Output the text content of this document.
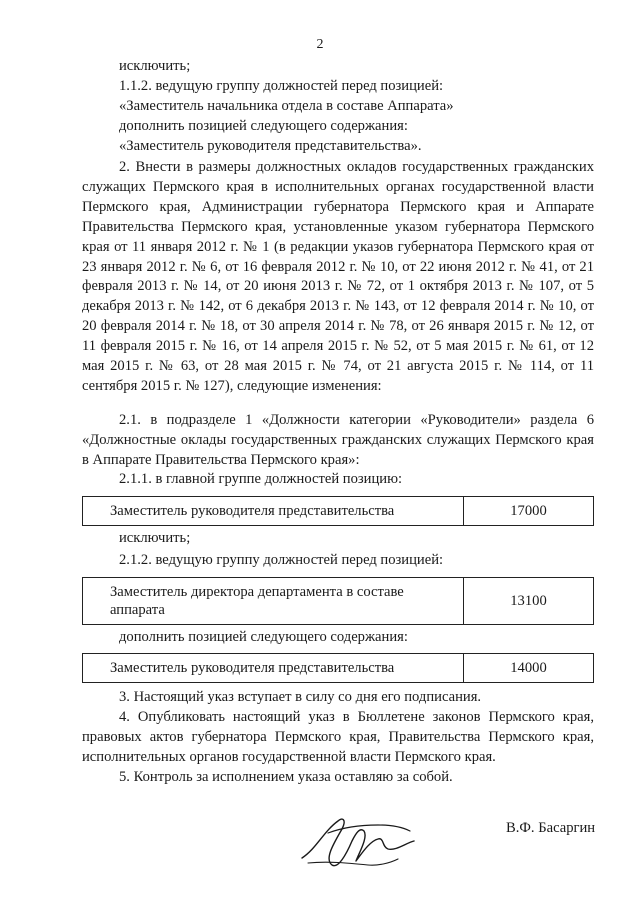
2

исключить;

1.1.2. ведущую группу должностей перед позицией:

«Заместитель начальника отдела в составе Аппарата»

дополнить позицией следующего содержания:

«Заместитель руководителя представительства».

2. Внести в размеры должностных окладов государственных гражданских служащих Пермского края в исполнительных органах государственной власти Пермского края, Администрации губернатора Пермского края и Аппарате Правительства Пермского края, установленные указом губернатора Пермского края от 11 января 2012 г. № 1 (в редакции указов губернатора Пермского края от 23 января 2012 г. № 6, от 16 февраля 2012 г. № 10, от 22 июня 2012 г. № 41, от 21 февраля 2013 г. № 14, от 20 июня 2013 г. № 72, от 1 октября 2013 г. № 107, от 5 декабря 2013 г. № 142, от 6 декабря 2013 г. № 143, от 12 февраля 2014 г. № 10, от 20 февраля 2014 г. № 18, от 30 апреля 2014 г. № 78, от 26 января 2015 г. № 12, от 11 февраля 2015 г. № 16, от 14 апреля 2015 г. № 52, от 5 мая 2015 г. № 61, от 12 мая 2015 г. № 63, от 28 мая 2015 г. № 74, от 21 августа 2015 г. № 114, от 11 сентября 2015 г. № 127), следующие изменения:
2.1. в подразделе 1 «Должности категории «Руководители» раздела 6 «Должностные оклады государственных гражданских служащих Пермского края в Аппарате Правительства Пермского края»:
2.1.1. в главной группе должностей позицию:
Заместитель руководителя представительства	17000
исключить;
2.1.2. ведущую группу должностей перед позицией:
Заместитель директора департамента в составе аппарата	13100
дополнить позицией следующего содержания:
Заместитель руководителя представительства	14000

3. Настоящий указ вступает в силу со дня его подписания.

4. Опубликовать настоящий указ в Бюллетене законов Пермского края, правовых актов губернатора Пермского края, Правительства Пермского края, исполнительных органов государственной власти Пермского края.

5. Контроль за исполнением указа оставляю за собой.

В.Ф. Басаргин
